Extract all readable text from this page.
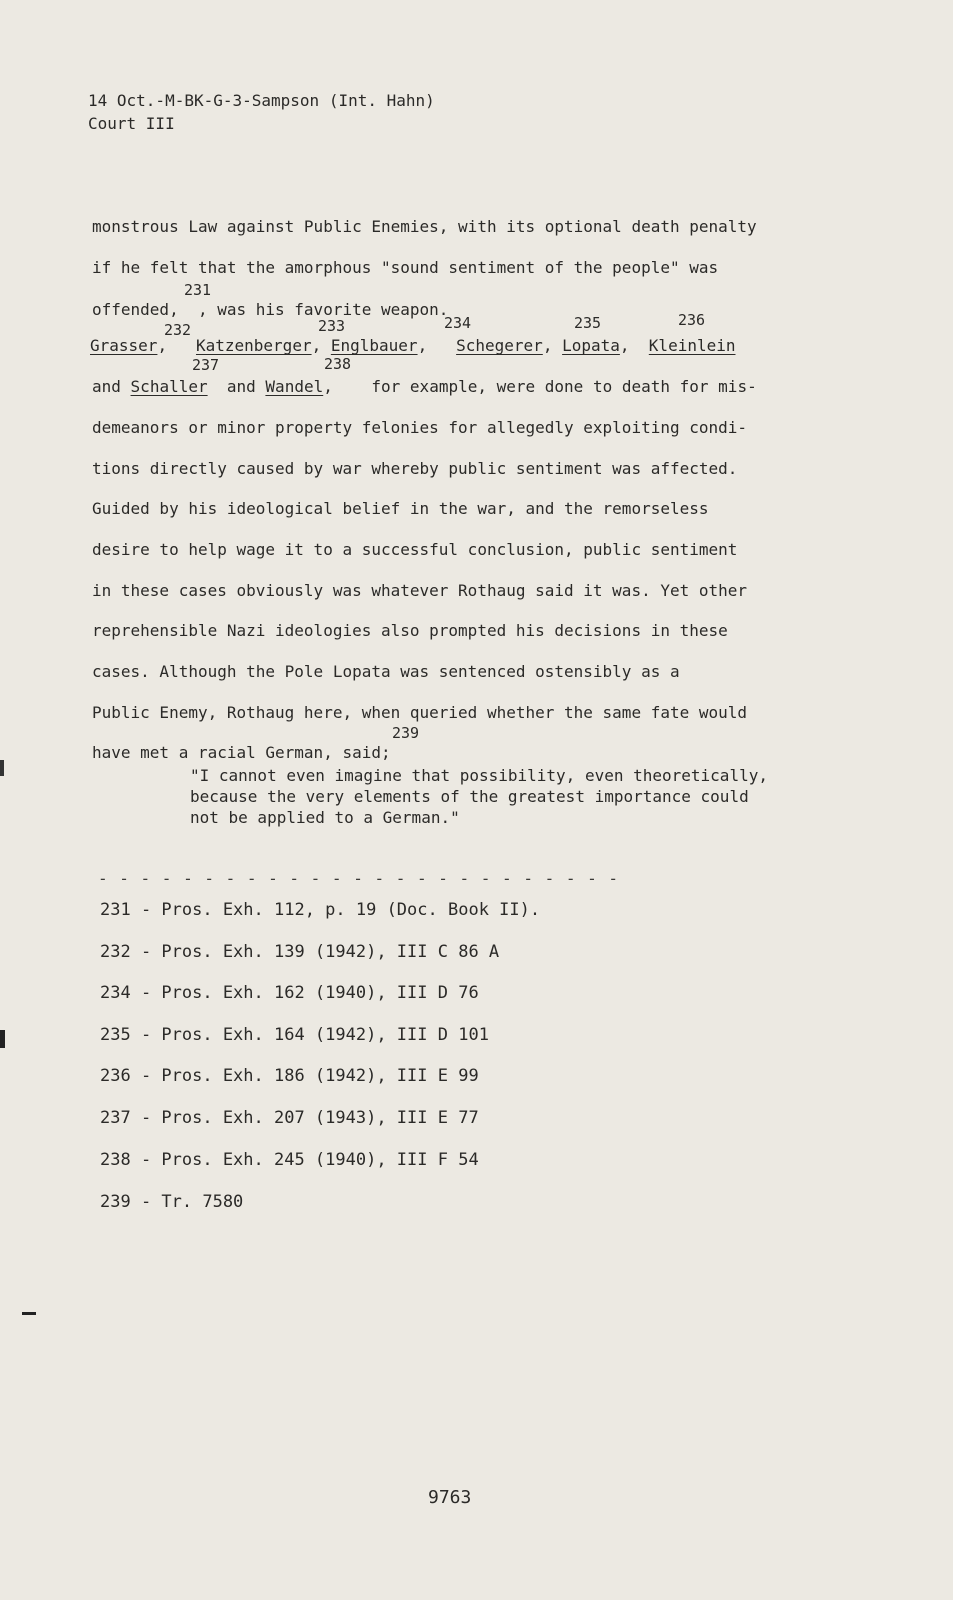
14 Oct.-M-BK-G-3-Sampson (Int. Hahn)
Court III
monstrous Law against Public Enemies, with its optional death penalty
if he felt that the amorphous "sound sentiment of the people" was
231
offended,  , was his favorite weapon.
232	233	234	235	236
Grasser, Katzenberger, Englbauer, Schegerer, Lopata, Kleinlein
237	238
and Schaller and Wandel, for example, were done to death for mis-
demeanors or minor property felonies for allegedly exploiting condi-
tions directly caused by war whereby public sentiment was affected.
Guided by his ideological belief in the war, and the remorseless
desire to help wage it to a successful conclusion, public sentiment
in these cases obviously was whatever Rothaug said it was. Yet other
reprehensible Nazi ideologies also prompted his decisions in these
cases. Although the Pole Lopata was sentenced ostensibly as a
Public Enemy, Rothaug here, when queried whether the same fate would
239
have met a racial German, said;
"I cannot even imagine that possibility, even theoretically,
because the very elements of the greatest importance could
not be applied to a German."
- - - - - - - - - - - - - - - - - - - - - - - - -
231 - Pros. Exh. 112, p. 19 (Doc. Book II).
232 - Pros. Exh. 139 (1942), III C 86 A
234 - Pros. Exh. 162 (1940), III D 76
235 - Pros. Exh. 164 (1942), III D 101
236 - Pros. Exh. 186 (1942), III E 99
237 - Pros. Exh. 207 (1943), III E 77
238 - Pros. Exh. 245 (1940), III F 54
239 - Tr. 7580
9763
